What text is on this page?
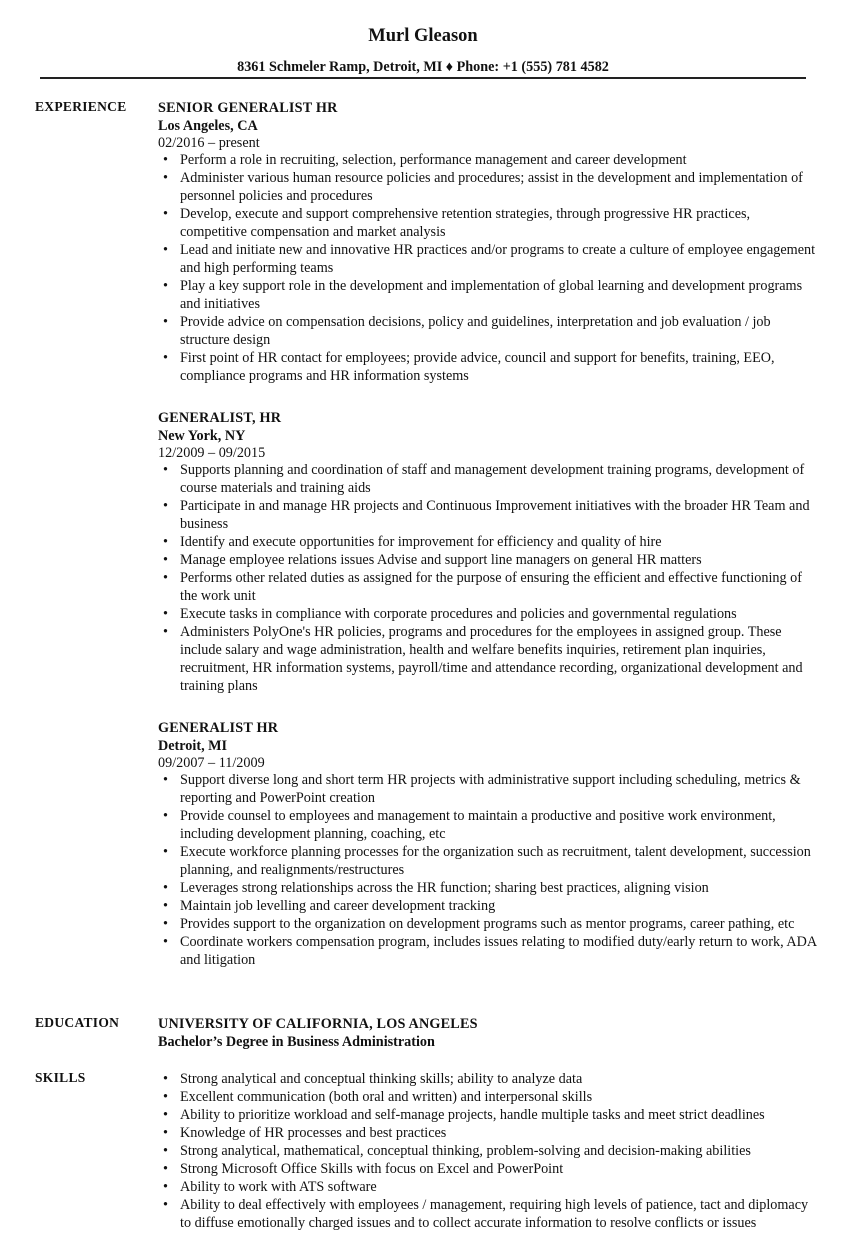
Murl Gleason
8361 Schmeler Ramp, Detroit, MI ♦ Phone: +1 (555) 781 4582
EXPERIENCE SENIOR GENERALIST HR
Los Angeles, CA
02/2016 – present
• Perform a role in recruiting, selection, performance management and career development
• Administer various human resource policies and procedures; assist in the development and implementation of personnel policies and procedures
• Develop, execute and support comprehensive retention strategies, through progressive HR practices, competitive compensation and market analysis
• Lead and initiate new and innovative HR practices and/or programs to create a culture of employee engagement and high performing teams
• Play a key support role in the development and implementation of global learning and development programs and initiatives
• Provide advice on compensation decisions, policy and guidelines, interpretation and job evaluation / job structure design
• First point of HR contact for employees; provide advice, council and support for benefits, training, EEO, compliance programs and HR information systems
GENERALIST, HR
New York, NY
12/2009 – 09/2015
• Supports planning and coordination of staff and management development training programs, development of course materials and training aids
• Participate in and manage HR projects and Continuous Improvement initiatives with the broader HR Team and business
• Identify and execute opportunities for improvement for efficiency and quality of hire
• Manage employee relations issues Advise and support line managers on general HR matters
• Performs other related duties as assigned for the purpose of ensuring the efficient and effective functioning of the work unit
• Execute tasks in compliance with corporate procedures and policies and governmental regulations
• Administers PolyOne's HR policies, programs and procedures for the employees in assigned group. These include salary and wage administration, health and welfare benefits inquiries, retirement plan inquiries, recruitment, HR information systems, payroll/time and attendance recording, organizational development and training plans
GENERALIST HR
Detroit, MI
09/2007 – 11/2009
• Support diverse long and short term HR projects with administrative support including scheduling, metrics & reporting and PowerPoint creation
• Provide counsel to employees and management to maintain a productive and positive work environment, including development planning, coaching, etc
• Execute workforce planning processes for the organization such as recruitment, talent development, succession planning, and realignments/restructures
• Leverages strong relationships across the HR function; sharing best practices, aligning vision
• Maintain job levelling and career development tracking
• Provides support to the organization on development programs such as mentor programs, career pathing, etc
• Coordinate workers compensation program, includes issues relating to modified duty/early return to work, ADA and litigation
EDUCATION	UNIVERSITY OF CALIFORNIA, LOS ANGELES
Bachelor’s Degree in Business Administration
SKILLS
•	Strong analytical and conceptual thinking skills; ability to analyze data
• Excellent communication (both oral and written) and interpersonal skills
• Ability to prioritize workload and self-manage projects, handle multiple tasks and meet strict deadlines
• Knowledge of HR processes and best practices
• Strong analytical, mathematical, conceptual thinking, problem-solving and decision-making abilities
• Strong Microsoft Office Skills with focus on Excel and PowerPoint
• Ability to work with ATS software
• Ability to deal effectively with employees / management, requiring high levels of patience, tact and diplomacy to diffuse emotionally charged issues and to collect accurate information to resolve conflicts or issues
